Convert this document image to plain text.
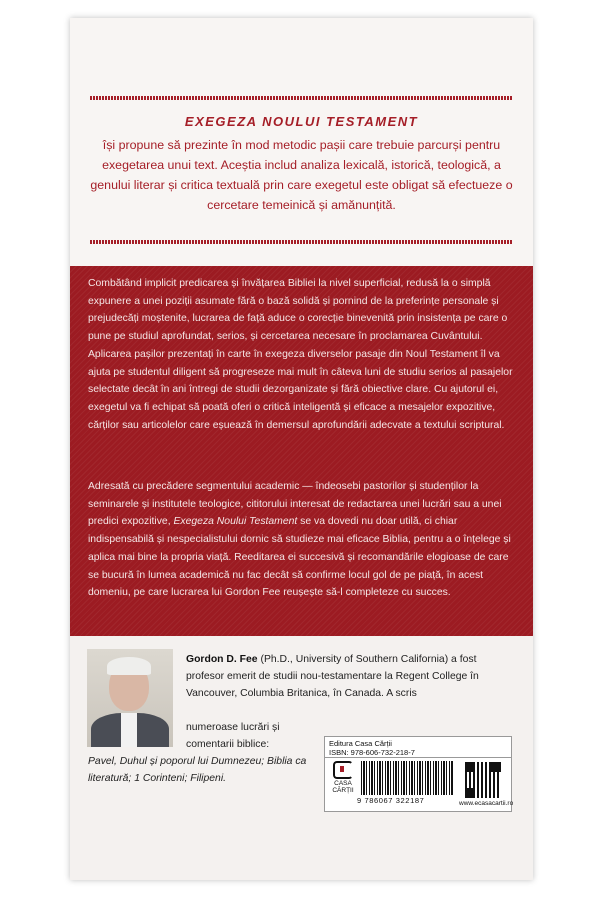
EXEGEZA NOULUI TESTAMENT
își propune să prezinte în mod metodic pașii care trebuie parcurși pentru exegetarea unui text. Aceștia includ analiza lexicală, istorică, teologică, a genului literar și critica textuală prin care exegetul este obligat să efectueze o cercetare temeinică și amănunțită.

Combătând implicit predicarea și învățarea Bibliei la nivel superficial, redusă la o simplă expunere a unei poziții asumate fără o bază solidă și pornind de la preferințe personale și prejudecăți moștenite, lucrarea de față aduce o corecție binevenită prin insistența pe care o pune pe studiul aprofundat, serios, și cercetarea necesare în proclamarea Cuvântului. Aplicarea pașilor prezentați în carte în exegeza diverselor pasaje din Noul Testament îl va ajuta pe studentul diligent să progreseze mai mult în câteva luni de studiu serios al pasajelor selectate decât în ani întregi de studii dezorganizate și fără obiective clare. Cu ajutorul ei, exegetul va fi echipat să poată oferi o critică inteligentă și eficace a mesajelor expozitive, cărților sau articolelor care eșuează în demersul aprofundării adecvate a textului scriptural.

Adresată cu precădere segmentului academic — îndeosebi pastorilor și studenților la seminarele și institutele teologice, cititorului interesat de redactarea unei lucrări sau a unei predici expozitive, Exegeza Noului Testament se va dovedi nu doar utilă, ci chiar indispensabilă și nespecialistului dornic să studieze mai eficace Biblia, pentru a o înțelege și aplica mai bine la propria viață. Reeditarea ei succesivă și recomandările elogioase de care se bucură în lumea academică nu fac decât să confirme locul gol de pe piață, în acest domeniu, pe care lucrarea lui Gordon Fee reușește să-l completeze cu succes.

Gordon D. Fee (Ph.D., University of Southern California) a fost profesor emerit de studii nou-testamentare la Regent College în Vancouver, Columbia Britanica, în Canada. A scris
numeroase lucrări și comentarii biblice:
Pavel, Duhul și poporul lui Dumnezeu; Biblia ca literatură; 1 Corinteni; Filipeni.
Editura Casa Cărții
ISBN: 978-606-732-218-7
CASA
CĂRȚII
9 786067 322187	www.ecasacartii.ro
